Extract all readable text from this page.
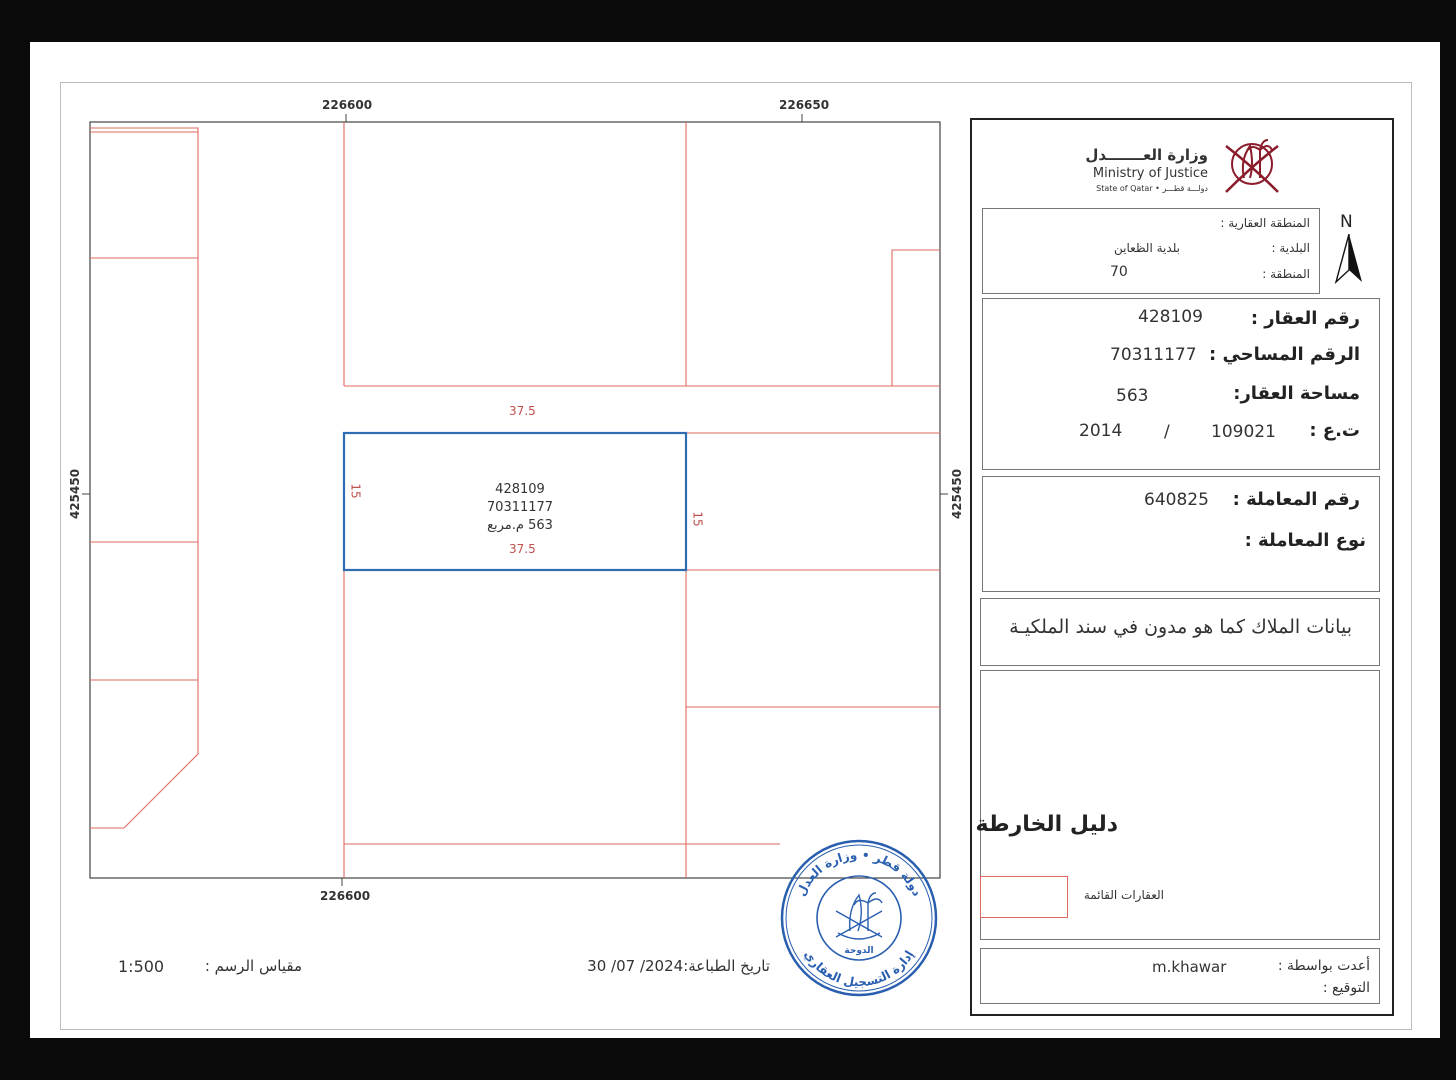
226600	226650
226600
425450	425450
37.5
15
15
428109
70311177
563 م.مربع
37.5
مقياس الرسم :
1:500	تاريخ الطباعة:2024/ 07/ 30
دولة قطر • وزارة العدل
إدارة التسجيل العقاري
الدوحة
وزارة العـــــــدل
Ministry of Justice
State of Qatar • دولـــة قطـــر
المنطقة العقارية :
البلدية :
بلدية الظعاين
المنطقة :
70
N
رقم العقار :
428109
الرقم المساحي :
70311177
مساحة العقار:
563
ت.ع :
109021
/
2014
رقم المعاملة :
640825
نوع المعاملة :
بيانات الملاك كما هو مدون في سند الملكيـة
دليل الخارطة
العقارات القائمة
أعدت بواسطة :
m.khawar
التوقيع :
